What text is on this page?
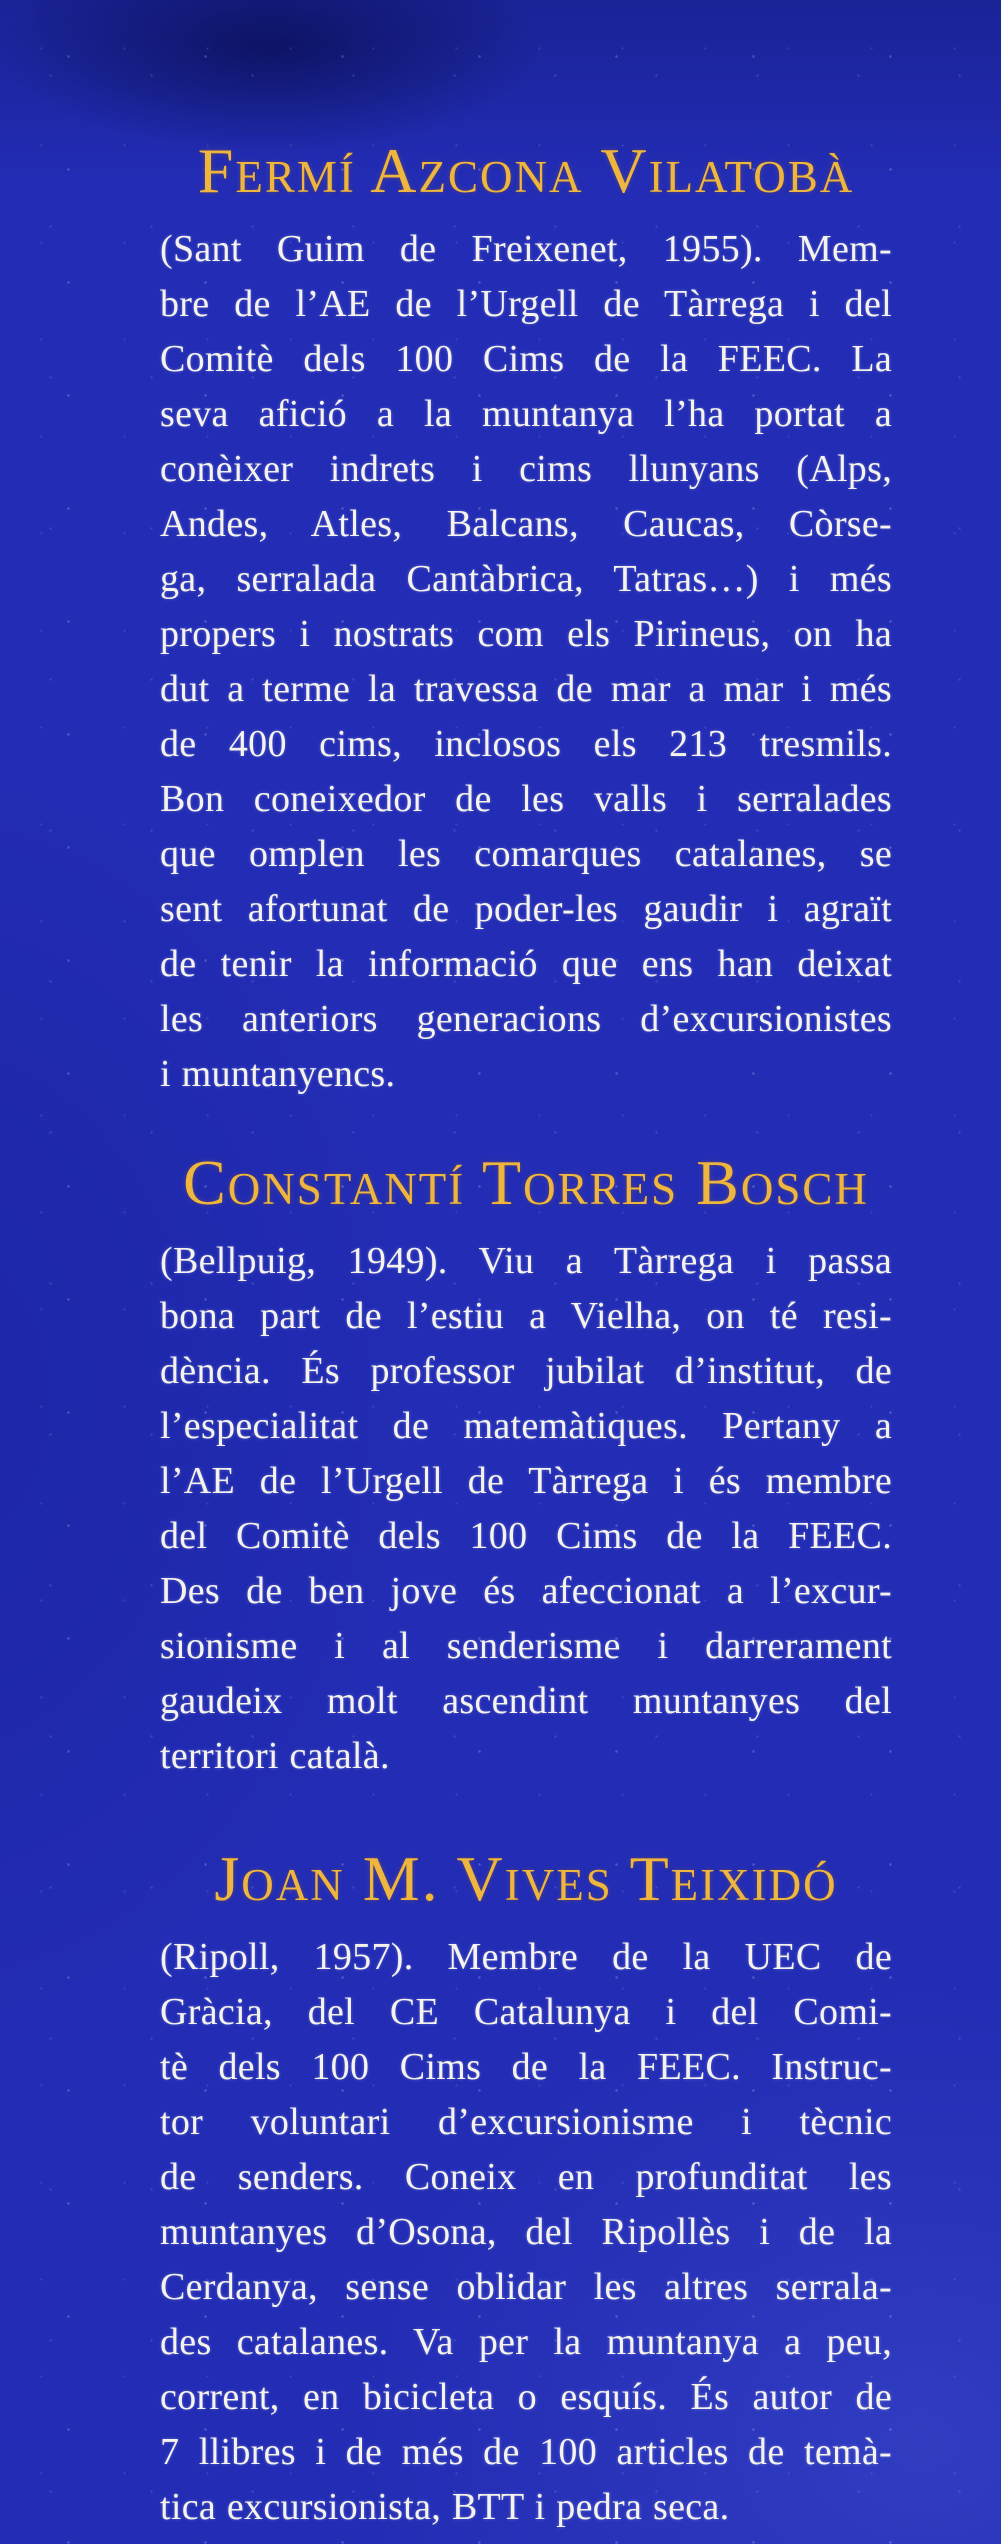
Fermí Azcona Vilatobà
(Sant Guim de Freixenet, 1955). Mem-
bre de l’AE de l’Urgell de Tàrrega i del
Comitè dels 100 Cims de la FEEC. La
seva afició a la muntanya l’ha portat a
conèixer indrets i cims llunyans (Alps,
Andes, Atles, Balcans, Caucas, Còrse-
ga, serralada Cantàbrica, Tatras…) i més
propers i nostrats com els Pirineus, on ha
dut a terme la travessa de mar a mar i més
de 400 cims, inclosos els 213 tresmils.
Bon coneixedor de les valls i serralades
que omplen les comarques catalanes, se
sent afortunat de poder-les gaudir i agraït
de tenir la informació que ens han deixat
les anteriors generacions d’excursionistes
i muntanyencs.
Constantí Torres Bosch
(Bellpuig, 1949). Viu a Tàrrega i passa
bona part de l’estiu a Vielha, on té resi-
dència. És professor jubilat d’institut, de
l’especialitat de matemàtiques. Pertany a
l’AE de l’Urgell de Tàrrega i és membre
del Comitè dels 100 Cims de la FEEC.
Des de ben jove és afeccionat a l’excur-
sionisme i al senderisme i darrerament
gaudeix molt ascendint muntanyes del
territori català.
Joan M. Vives Teixidó
(Ripoll, 1957). Membre de la UEC de
Gràcia, del CE Catalunya i del Comi-
tè dels 100 Cims de la FEEC. Instruc-
tor voluntari d’excursionisme i tècnic
de senders. Coneix en profunditat les
muntanyes d’Osona, del Ripollès i de la
Cerdanya, sense oblidar les altres serrala-
des catalanes. Va per la muntanya a peu,
corrent, en bicicleta o esquís. És autor de
7 llibres i de més de 100 articles de temà-
tica excursionista, BTT i pedra seca.
